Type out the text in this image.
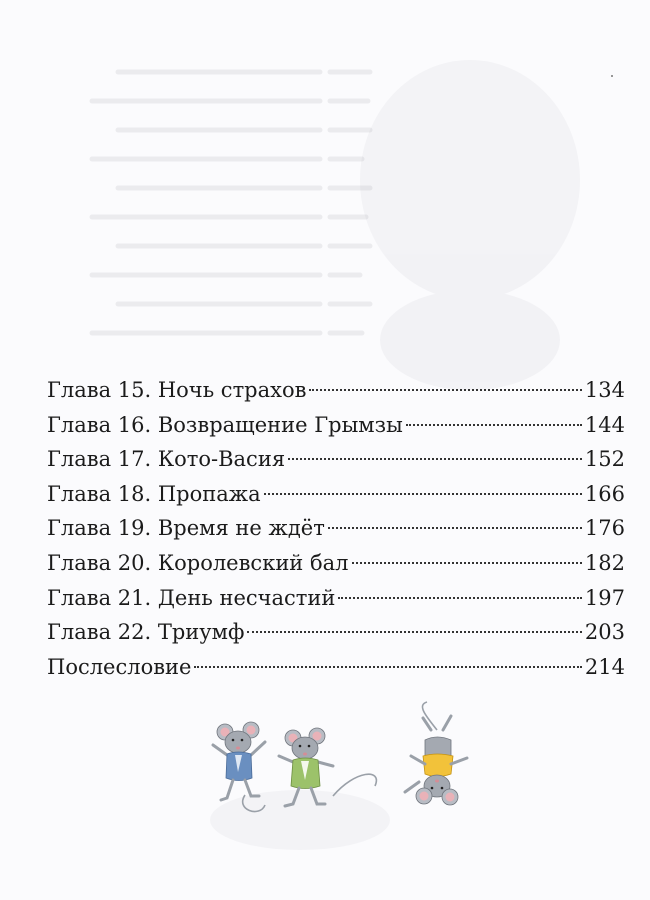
Глава 15. Ночь страхов	134
Глава 16. Возвращение Грымзы	144
Глава 17. Кото-Васия	152
Глава 18. Пропажа	166
Глава 19. Время не ждёт	176
Глава 20. Королевский бал	182
Глава 21. День несчастий	197
Глава 22. Триумф	203
Послесловие	214
